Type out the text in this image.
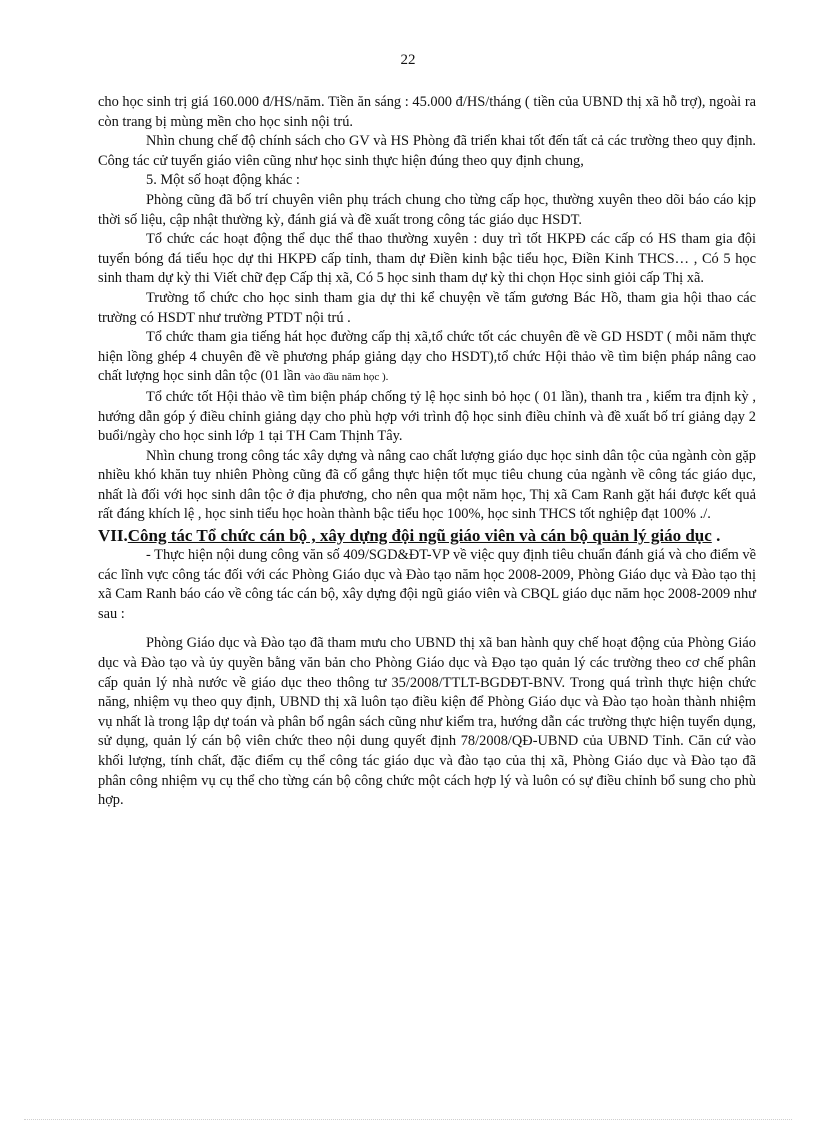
22

cho học sinh trị giá 160.000 đ/HS/năm. Tiền ăn sáng : 45.000 đ/HS/tháng ( tiền của UBND thị xã hỗ trợ), ngoài ra còn trang bị mùng mền cho học sinh nội trú.

Nhìn chung chế độ chính sách cho GV và HS Phòng đã triển khai tốt đến tất cả các trường theo quy định. Công tác cử tuyển giáo viên cũng như học sinh thực hiện đúng theo quy định chung,

5. Một số hoạt động khác :

Phòng cũng đã bố trí chuyên viên phụ trách chung cho từng cấp học, thường xuyên theo dõi báo cáo kịp thời số liệu, cập nhật thường kỳ, đánh giá và đề xuất trong công tác giáo dục HSDT.

Tổ chức các hoạt động thể dục thể thao thường xuyên : duy trì tốt HKPĐ các cấp có HS tham gia đội tuyển bóng đá tiểu học dự thi HKPĐ cấp tỉnh, tham dự Điền kinh bậc tiểu học, Điền Kinh THCS… , Có 5 học sinh tham dự kỳ thi Viết chữ đẹp Cấp thị xã, Có 5 học sinh tham dự kỳ thi chọn Học sinh giỏi cấp Thị xã.

Trường tổ chức cho học sinh tham gia dự thi kể chuyện về tấm gương Bác Hồ, tham gia hội thao các trường có HSDT như trường PTDT nội trú .

Tổ chức tham gia tiếng hát học đường cấp thị xã,tổ chức tốt các chuyên đề về GD HSDT ( mỗi năm thực hiện lồng ghép 4 chuyên đề về phương pháp giảng dạy cho HSDT),tổ chức Hội thảo về tìm biện pháp nâng cao chất lượng học sinh dân tộc (01 lần vào đầu năm học ).

Tổ chức tốt Hội thảo về tìm biện pháp chống tỷ lệ học sinh bỏ học ( 01 lần), thanh tra , kiểm tra định kỳ , hướng dẫn góp ý điều chỉnh giảng dạy cho phù hợp với trình độ học sinh điều chỉnh và đề xuất bố trí giảng dạy 2 buổi/ngày cho học sinh lớp 1 tại TH Cam Thịnh Tây.

Nhìn chung trong công tác xây dựng và nâng cao chất lượng giáo dục học sinh dân tộc của ngành còn gặp nhiều khó khăn tuy nhiên Phòng cũng đã cố gắng thực hiện tốt mục tiêu chung của ngành về công tác giáo dục, nhất là đối với học sinh dân tộc ở địa phương, cho nên qua một năm học, Thị xã Cam Ranh gặt hái được kết quả rất đáng khích lệ , học sinh tiểu học hoàn thành bậc tiểu học 100%, học sinh THCS tốt nghiệp đạt 100% ./.

VII.Công tác Tổ chức cán bộ , xây dựng đội ngũ giáo viên và cán bộ quản lý giáo dục .

- Thực hiện nội dung công văn số 409/SGD&ĐT-VP về việc quy định tiêu chuẩn đánh giá và cho điểm về các lĩnh vực công tác đối với các Phòng Giáo dục và Đào tạo năm học 2008-2009, Phòng Giáo dục và Đào tạo thị xã Cam Ranh báo cáo về công tác cán bộ, xây dựng đội ngũ giáo viên và CBQL giáo dục năm học 2008-2009 như sau :

Phòng Giáo dục và Đào tạo đã tham mưu cho UBND thị xã ban hành quy chế hoạt động của Phòng Giáo dục và Đào tạo và ủy quyền bằng văn bản cho Phòng Giáo dục và Đạo tạo quản lý các trường theo cơ chế phân cấp quản lý nhà nước về giáo dục theo thông tư 35/2008/TTLT-BGDĐT-BNV. Trong quá trình thực hiện chức năng, nhiệm vụ theo quy định, UBND thị xã luôn tạo điều kiện để Phòng Giáo dục và Đào tạo hoàn thành nhiệm vụ nhất là trong lập dự toán và phân bổ ngân sách cũng như kiểm tra, hướng dẫn các trường thực hiện tuyển dụng, sử dụng, quản lý cán bộ viên chức theo nội dung quyết định 78/2008/QĐ-UBND của UBND Tỉnh. Căn cứ vào khối lượng, tính chất, đặc điểm cụ thể công tác giáo dục và đào tạo của thị xã, Phòng Giáo dục và Đào tạo đã phân công nhiệm vụ cụ thể cho từng cán bộ công chức một cách hợp lý và luôn có sự điều chỉnh bổ sung cho phù hợp.
